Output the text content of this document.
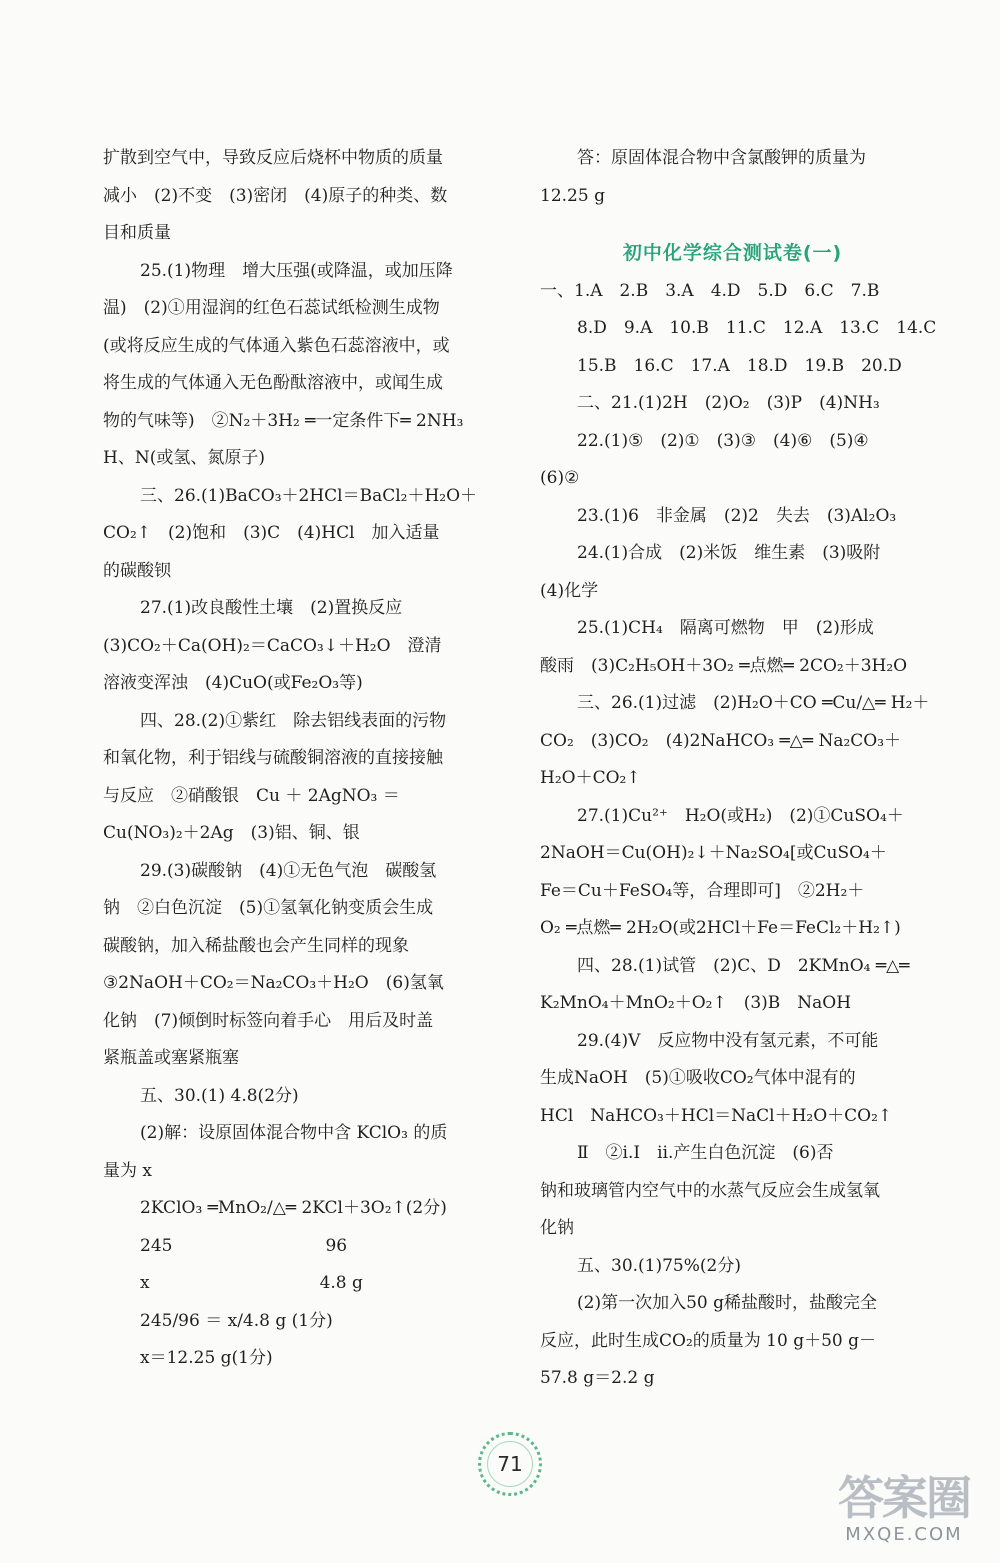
扩散到空气中，导致反应后烧杯中物质的质量
减小　(2)不变　(3)密闭　(4)原子的种类、数
目和质量
25.(1)物理　增大压强(或降温，或加压降
温)　(2)①用湿润的红色石蕊试纸检测生成物
(或将反应生成的气体通入紫色石蕊溶液中，或
将生成的气体通入无色酚酞溶液中，或闻生成
物的气味等)　②N₂＋3H₂ ═一定条件下═ 2NH₃
H、N(或氢、氮原子)
三、26.(1)BaCO₃＋2HCl＝BaCl₂＋H₂O＋
CO₂↑　(2)饱和　(3)C　(4)HCl　加入适量
的碳酸钡
27.(1)改良酸性土壤　(2)置换反应
(3)CO₂＋Ca(OH)₂＝CaCO₃↓＋H₂O　澄清
溶液变浑浊　(4)CuO(或Fe₂O₃等)
四、28.(2)①紫红　除去铝线表面的污物
和氧化物，利于铝线与硫酸铜溶液的直接接触
与反应　②硝酸银　Cu ＋ 2AgNO₃ ＝
Cu(NO₃)₂＋2Ag　(3)铝、铜、银
29.(3)碳酸钠　(4)①无色气泡　碳酸氢
钠　②白色沉淀　(5)①氢氧化钠变质会生成
碳酸钠，加入稀盐酸也会产生同样的现象
③2NaOH＋CO₂＝Na₂CO₃＋H₂O　(6)氢氧
化钠　(7)倾倒时标签向着手心　用后及时盖
紧瓶盖或塞紧瓶塞
五、30.(1) 4.8(2分)
(2)解：设原固体混合物中含 KClO₃ 的质
量为 x
2KClO₃ ═MnO₂/△═ 2KCl＋3O₂↑(2分)
245　　　　　　　　　96
x　　　　　　　　　　4.8 g
245/96 ＝ x/4.8 g (1分)
x＝12.25 g(1分)
答：原固体混合物中含氯酸钾的质量为
12.25 g
初中化学综合测试卷(一)
一、1.A　2.B　3.A　4.D　5.D　6.C　7.B
8.D　9.A　10.B　11.C　12.A　13.C　14.C
15.B　16.C　17.A　18.D　19.B　20.D
二、21.(1)2H　(2)O₂　(3)P　(4)NH₃
22.(1)⑤　(2)①　(3)③　(4)⑥　(5)④
(6)②
23.(1)6　非金属　(2)2　失去　(3)Al₂O₃
24.(1)合成　(2)米饭　维生素　(3)吸附
(4)化学
25.(1)CH₄　隔离可燃物　甲　(2)形成
酸雨　(3)C₂H₅OH＋3O₂ ═点燃═ 2CO₂＋3H₂O
三、26.(1)过滤　(2)H₂O＋CO ═Cu/△═ H₂＋
CO₂　(3)CO₂　(4)2NaHCO₃ ═△═ Na₂CO₃＋
H₂O＋CO₂↑
27.(1)Cu²⁺　H₂O(或H₂)　(2)①CuSO₄＋
2NaOH＝Cu(OH)₂↓＋Na₂SO₄[或CuSO₄＋
Fe＝Cu＋FeSO₄等，合理即可]　②2H₂＋
O₂ ═点燃═ 2H₂O(或2HCl＋Fe＝FeCl₂＋H₂↑)
四、28.(1)试管　(2)C、D　2KMnO₄ ═△═
K₂MnO₄＋MnO₂＋O₂↑　(3)B　NaOH
29.(4)Ⅴ　反应物中没有氢元素，不可能
生成NaOH　(5)①吸收CO₂气体中混有的
HCl　NaHCO₃＋HCl＝NaCl＋H₂O＋CO₂↑
Ⅱ　②ⅰ.Ⅰ　ⅱ.产生白色沉淀　(6)否
钠和玻璃管内空气中的水蒸气反应会生成氢氧
化钠
五、30.(1)75%(2分)
(2)第一次加入50 g稀盐酸时，盐酸完全
反应，此时生成CO₂的质量为 10 g＋50 g－
57.8 g＝2.2 g
71
答案圈
MXQE.COM
